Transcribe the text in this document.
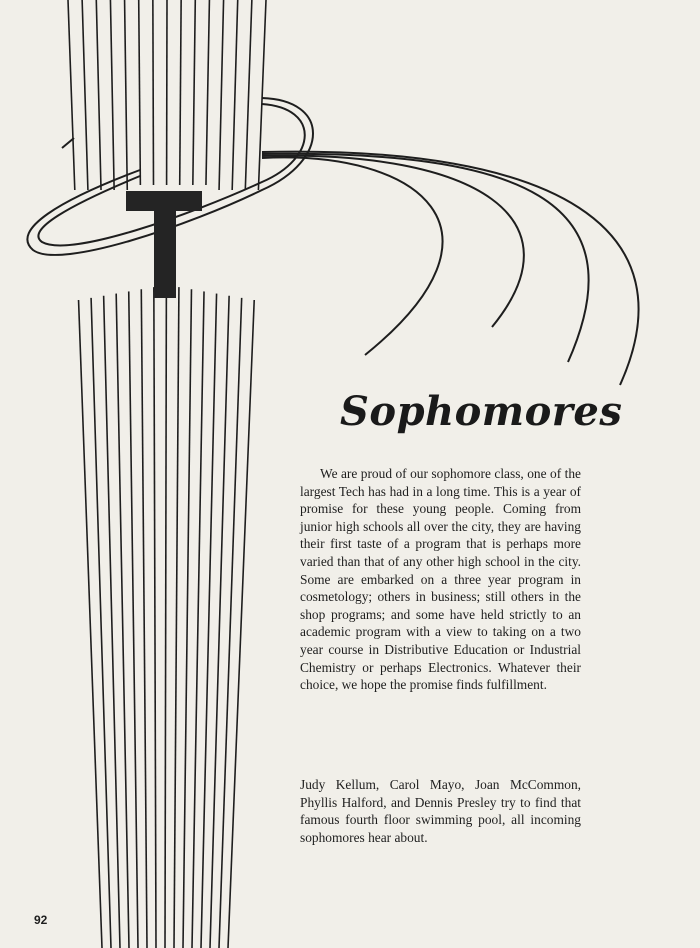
Sophomores

We are proud of our sophomore class, one of the largest Tech has had in a long time. This is a year of promise for these young people. Coming from junior high schools all over the city, they are having their first taste of a program that is perhaps more varied than that of any other high school in the city. Some are embarked on a three year program in cosmetology; others in business; still others in the shop programs; and some have held strictly to an academic program with a view to taking on a two year course in Distributive Education or Industrial Chemistry or perhaps Electronics. Whatever their choice, we hope the promise finds fulfillment.

Judy Kellum, Carol Mayo, Joan McCommon, Phyllis Halford, and Dennis Presley try to find that famous fourth floor swimming pool, all incoming sophomores hear about.

92
